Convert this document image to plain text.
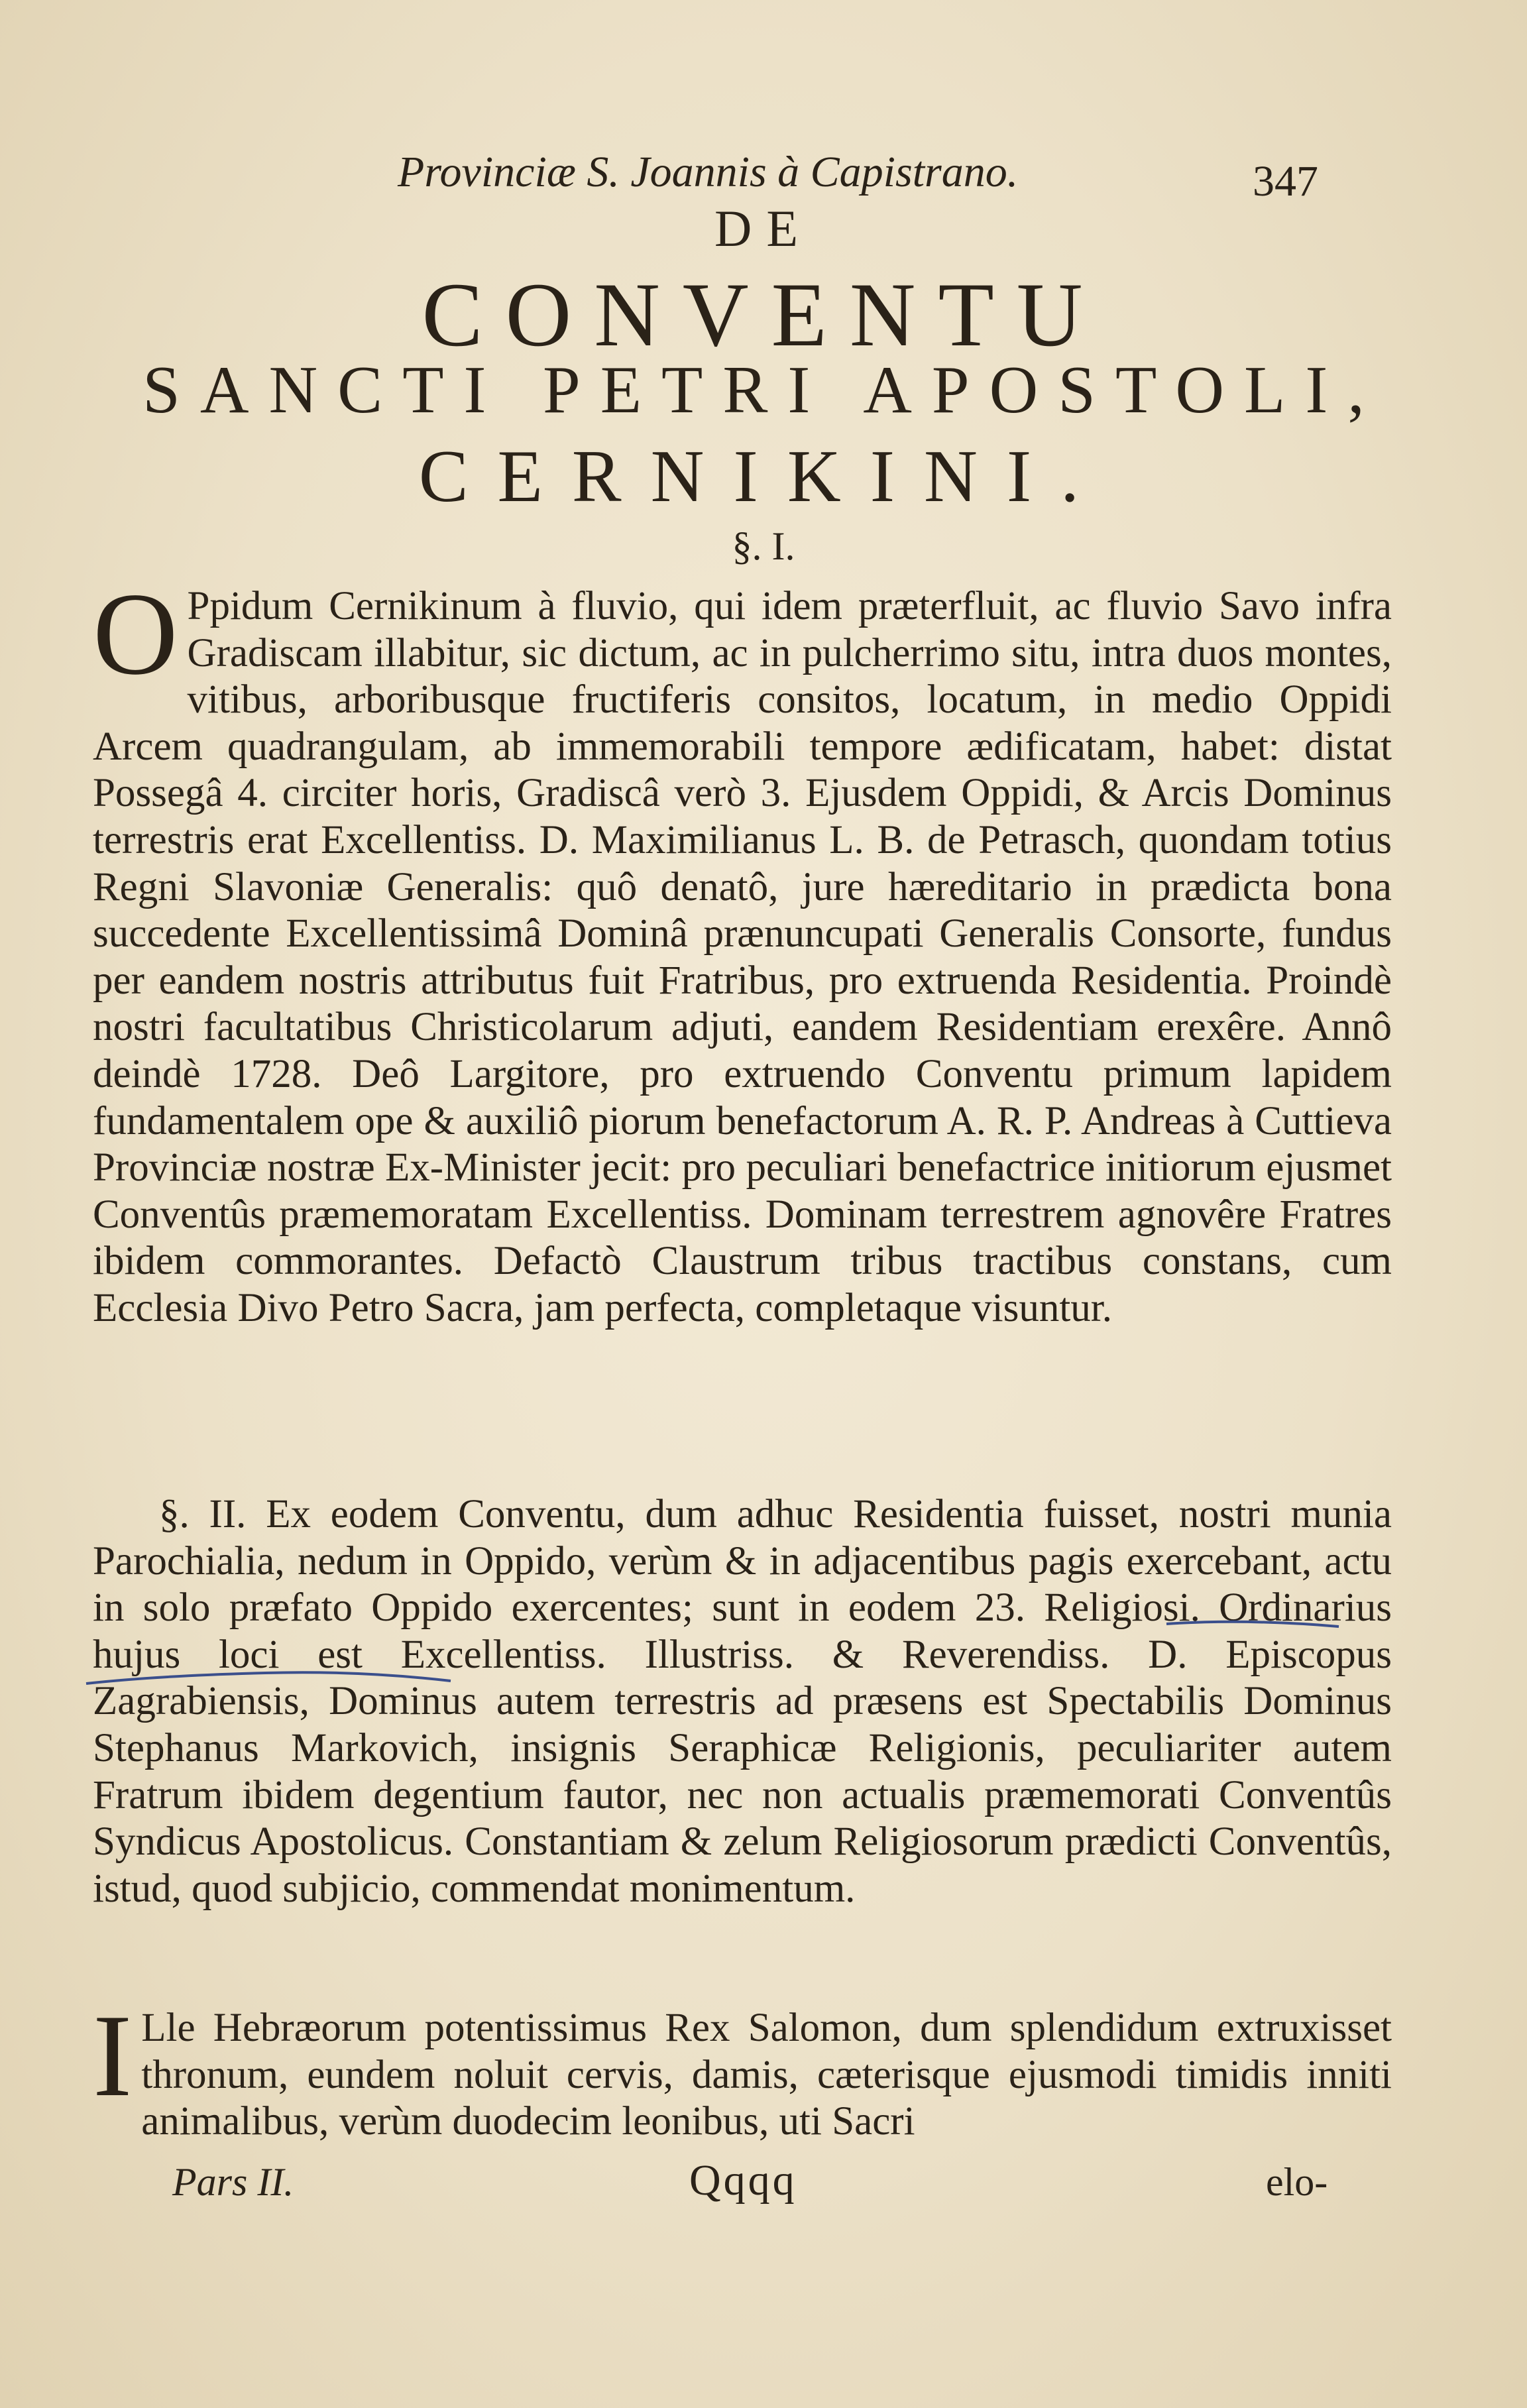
Provinciæ S. Joannis à Capistrano.	347
DE
CONVENTU
SANCTI PETRI APOSTOLI,
CERNIKINI.
§. I.
O Ppidum Cernikinum à fluvio, qui idem præterfluit, ac fluvio Savo infra Gradiscam illabitur, sic dictum, ac in pulcherrimo situ, intra duos montes, vitibus, arboribusque fructiferis consitos, locatum, in medio Oppidi Arcem quadrangulam, ab immemorabili tempore ædificatam, habet: distat Possegâ 4. circiter horis, Gradiscâ verò 3. Ejusdem Oppidi, & Arcis Dominus terrestris erat Excellentiss. D. Maximilianus L. B. de Petrasch, quondam totius Regni Slavoniæ Generalis: quô denatô, jure hæreditario in prædicta bona succedente Excellentissimâ Dominâ prænuncupati Generalis Consorte, fundus per eandem nostris attributus fuit Fratribus, pro extruenda Residentia. Proindè nostri facultatibus Christicolarum adjuti, eandem Residentiam erexêre. Annô deindè 1728. Deô Largitore, pro extruendo Conventu primum lapidem fundamentalem ope & auxiliô piorum benefactorum A. R. P. Andreas à Cuttieva Provinciæ nostræ Ex-Minister jecit: pro peculiari benefactrice initiorum ejusmet Conventûs præmemoratam Excellentiss. Dominam terrestrem agnovêre Fratres ibidem commorantes. Defactò Claustrum tribus tractibus constans, cum Ecclesia Divo Petro Sacra, jam perfecta, completaque visuntur.
§. II. Ex eodem Conventu, dum adhuc Residentia fuisset, nostri munia Parochialia, nedum in Oppido, verùm & in adjacentibus pagis exercebant, actu in solo præfato Oppido exercentes; sunt in eodem 23. Religiosi. Ordinarius hujus loci est Excellentiss. Illustriss. & Reverendiss. D. Episcopus Zagrabiensis, Dominus autem terrestris ad præsens est Spectabilis Dominus Stephanus Markovich, insignis Seraphicæ Religionis, peculiariter autem Fratrum ibidem degentium fautor, nec non actualis præmemorati Conventûs Syndicus Apostolicus. Constantiam & zelum Religiosorum prædicti Conventûs, istud, quod subjicio, commendat monimentum.
I Lle Hebræorum potentissimus Rex Salomon, dum splendidum extruxisset thronum, eundem noluit cervis, damis, cæterisque ejusmodi timidis inniti animalibus, verùm duodecim leonibus, uti Sacri
Pars II.	Qqqq	elo-
